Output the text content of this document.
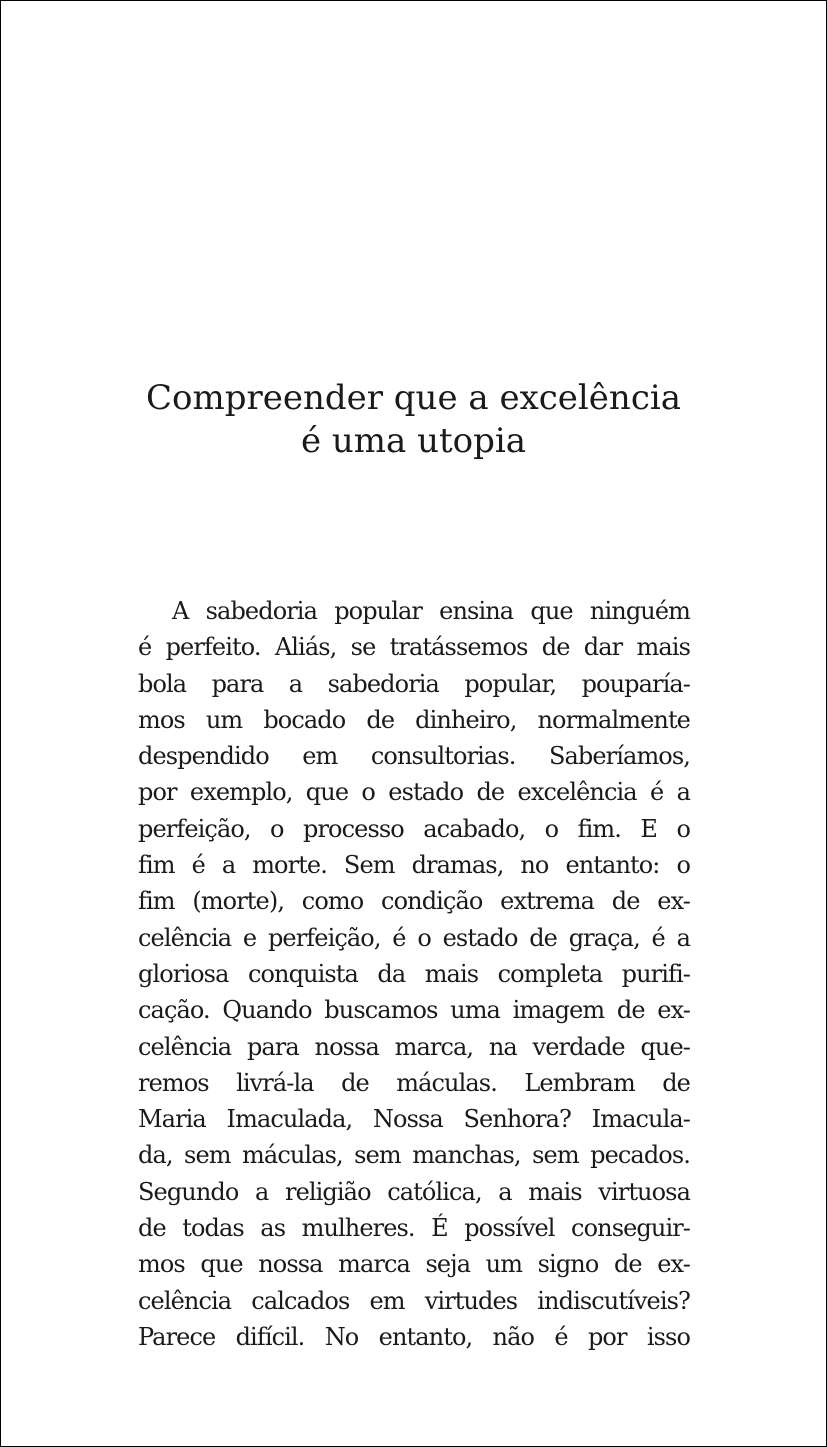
Compreender que a excelência
é uma utopia
A sabedoria popular ensina que ninguém
é perfeito. Aliás, se tratássemos de dar mais
bola para a sabedoria popular, pouparía-
mos um bocado de dinheiro, normalmente
despendido em consultorias. Saberíamos,
por exemplo, que o estado de excelência é a
perfeição, o processo acabado, o fim. E o
fim é a morte. Sem dramas, no entanto: o
fim (morte), como condição extrema de ex-
celência e perfeição, é o estado de graça, é a
gloriosa conquista da mais completa purifi-
cação. Quando buscamos uma imagem de ex-
celência para nossa marca, na verdade que-
remos livrá-la de máculas. Lembram de
Maria Imaculada, Nossa Senhora? Imacula-
da, sem máculas, sem manchas, sem pecados.
Segundo a religião católica, a mais virtuosa
de todas as mulheres. É possível conseguir-
mos que nossa marca seja um signo de ex-
celência calcados em virtudes indiscutíveis?
Parece difícil. No entanto, não é por isso
